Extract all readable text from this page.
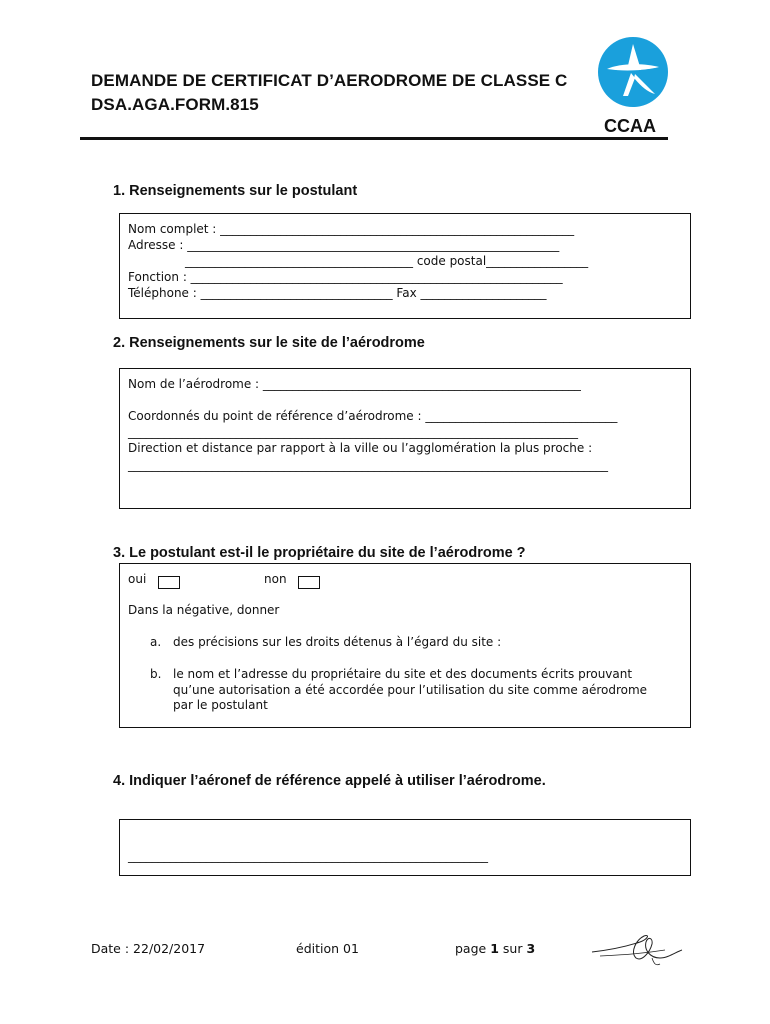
DEMANDE DE CERTIFICAT D’AERODROME DE CLASSE C
DSA.AGA.FORM.815
CCAA
1. Renseignements sur le postulant
Nom complet : ___________________________________________________________
Adresse : ______________________________________________________________
______________________________________ code postal_________________
Fonction : ______________________________________________________________
Téléphone : ________________________________ Fax _____________________
2. Renseignements sur le site de l’aérodrome
Nom de l’aérodrome : _____________________________________________________
Coordonnés du point de référence d’aérodrome : ________________________________
___________________________________________________________________________
Direction et distance par rapport à la ville ou l’agglomération la plus proche :
________________________________________________________________________________
3. Le postulant est-il le propriétaire du site de l’aérodrome ?
oui	non
Dans la négative, donner
a. des précisions sur les droits détenus à l’égard du site :
b. le nom et l’adresse du propriétaire du site et des documents écrits prouvant
qu’une autorisation a été accordée pour l’utilisation du site comme aérodrome
par le postulant
4. Indiquer l’aéronef de référence appelé à utiliser l’aérodrome.
____________________________________________________________
Date : 22/02/2017	édition 01	page 1 sur 3
